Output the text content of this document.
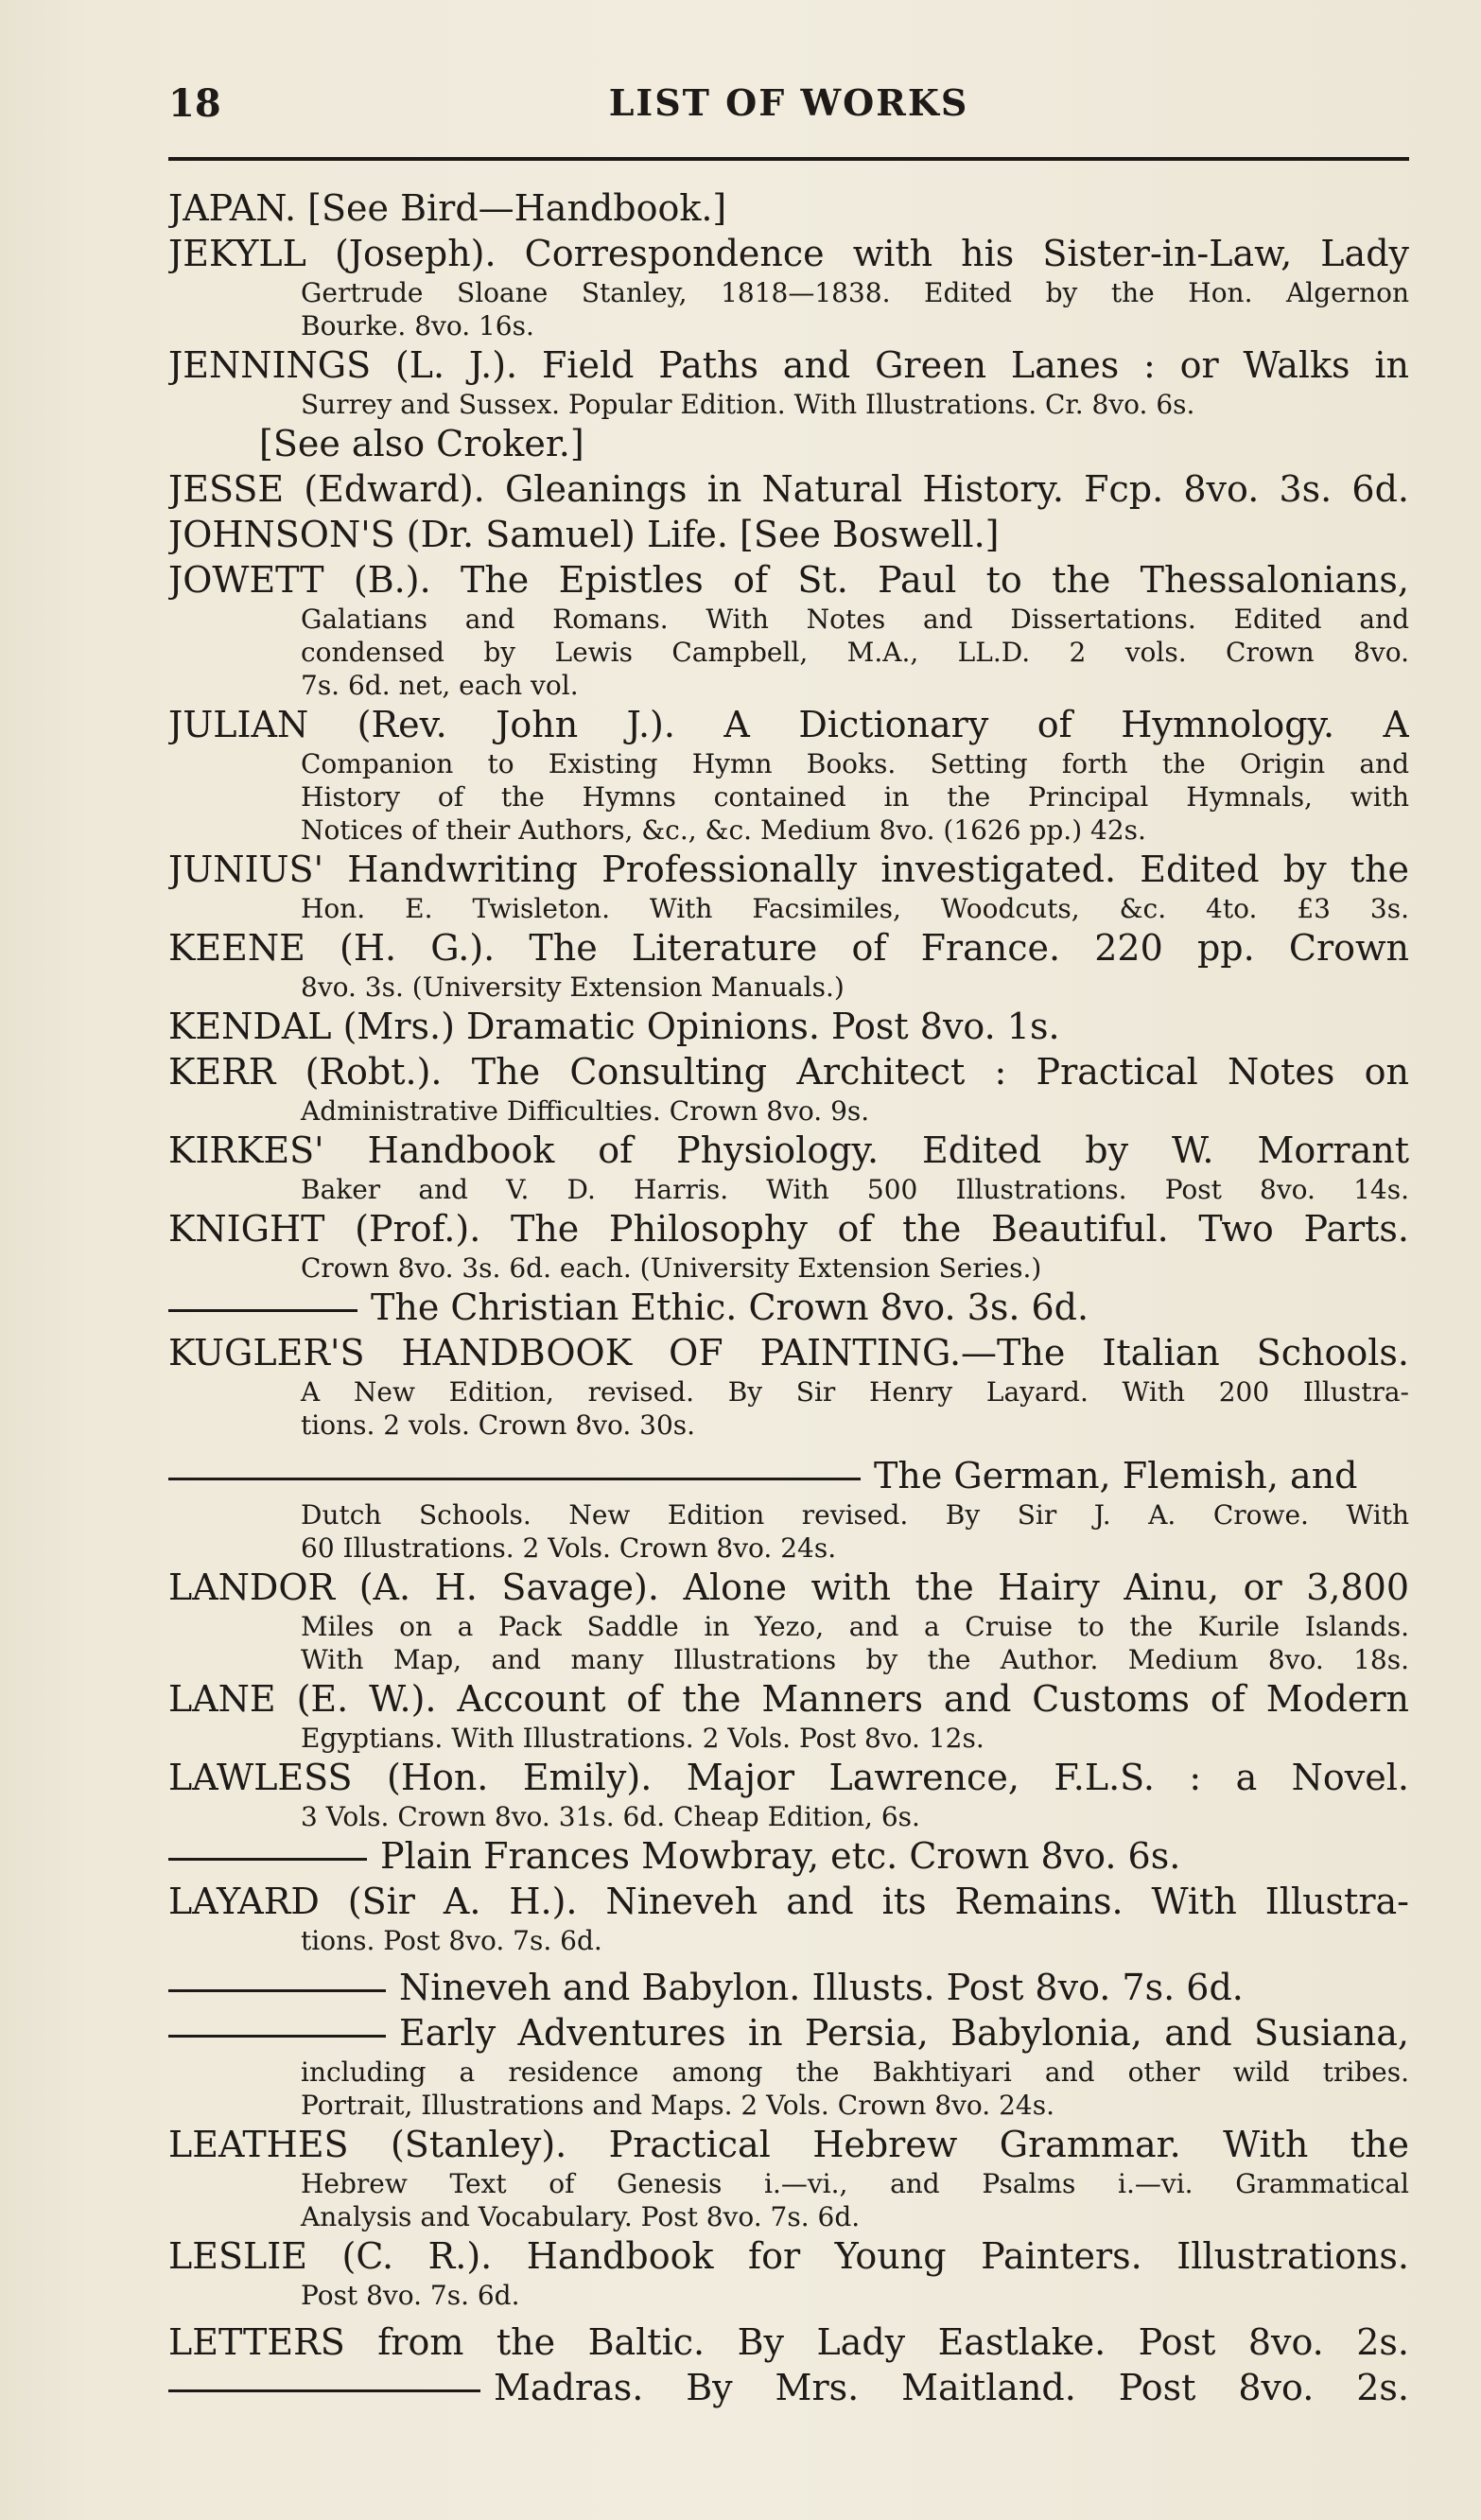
18	LIST OF WORKS
JAPAN. [See Bird—Handbook.]
JEKYLL (Joseph). Correspondence with his Sister-in-Law, Lady
Gertrude Sloane Stanley, 1818—1838. Edited by the Hon. Algernon
Bourke. 8vo. 16s.
JENNINGS (L. J.). Field Paths and Green Lanes : or Walks in
Surrey and Sussex. Popular Edition. With Illustrations. Cr. 8vo. 6s.
[See also Croker.]
JESSE (Edward). Gleanings in Natural History. Fcp. 8vo. 3s. 6d.
JOHNSON'S (Dr. Samuel) Life. [See Boswell.]
JOWETT (B.). The Epistles of St. Paul to the Thessalonians,
Galatians and Romans. With Notes and Dissertations. Edited and
condensed by Lewis Campbell, M.A., LL.D. 2 vols. Crown 8vo.
7s. 6d. net, each vol.
JULIAN (Rev. John J.). A Dictionary of Hymnology. A
Companion to Existing Hymn Books. Setting forth the Origin and
History of the Hymns contained in the Principal Hymnals, with
Notices of their Authors, &c., &c. Medium 8vo. (1626 pp.) 42s.
JUNIUS' Handwriting Professionally investigated. Edited by the
Hon. E. Twisleton. With Facsimiles, Woodcuts, &c. 4to. £3 3s.
KEENE (H. G.). The Literature of France. 220 pp. Crown
8vo. 3s. (University Extension Manuals.)
KENDAL (Mrs.) Dramatic Opinions. Post 8vo. 1s.
KERR (Robt.). The Consulting Architect : Practical Notes on
Administrative Difficulties. Crown 8vo. 9s.
KIRKES' Handbook of Physiology. Edited by W. Morrant
Baker and V. D. Harris. With 500 Illustrations. Post 8vo. 14s.
KNIGHT (Prof.). The Philosophy of the Beautiful. Two Parts.
Crown 8vo. 3s. 6d. each. (University Extension Series.)
The Christian Ethic. Crown 8vo. 3s. 6d.
KUGLER'S HANDBOOK OF PAINTING.—The Italian Schools.
A New Edition, revised. By Sir Henry Layard. With 200 Illustra-
tions. 2 vols. Crown 8vo. 30s.
The German, Flemish, and
Dutch Schools. New Edition revised. By Sir J. A. Crowe. With
60 Illustrations. 2 Vols. Crown 8vo. 24s.
LANDOR (A. H. Savage). Alone with the Hairy Ainu, or 3,800
Miles on a Pack Saddle in Yezo, and a Cruise to the Kurile Islands.
With Map, and many Illustrations by the Author. Medium 8vo. 18s.
LANE (E. W.). Account of the Manners and Customs of Modern
Egyptians. With Illustrations. 2 Vols. Post 8vo. 12s.
LAWLESS (Hon. Emily). Major Lawrence, F.L.S. : a Novel.
3 Vols. Crown 8vo. 31s. 6d. Cheap Edition, 6s.
Plain Frances Mowbray, etc. Crown 8vo. 6s.
LAYARD (Sir A. H.). Nineveh and its Remains. With Illustra-
tions. Post 8vo. 7s. 6d.
Nineveh and Babylon. Illusts. Post 8vo. 7s. 6d.
Early Adventures in Persia, Babylonia, and Susiana,
including a residence among the Bakhtiyari and other wild tribes.
Portrait, Illustrations and Maps. 2 Vols. Crown 8vo. 24s.
LEATHES (Stanley). Practical Hebrew Grammar. With the
Hebrew Text of Genesis i.—vi., and Psalms i.—vi. Grammatical
Analysis and Vocabulary. Post 8vo. 7s. 6d.
LESLIE (C. R.). Handbook for Young Painters. Illustrations.
Post 8vo. 7s. 6d.
LETTERS from the Baltic. By Lady Eastlake. Post 8vo. 2s.
Madras. By Mrs. Maitland. Post 8vo. 2s.
